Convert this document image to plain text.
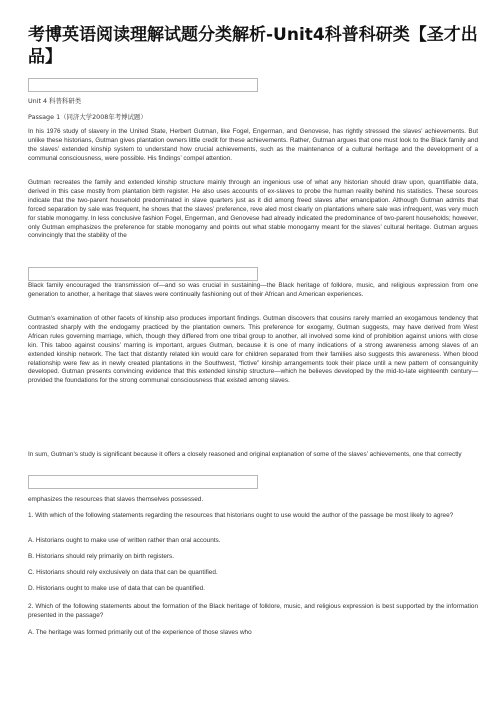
考博英语阅读理解试题分类解析-Unit4科普科研类【圣才出品】
Unit 4 科普科研类
Passage 1（同济大学2008年考博试题）
In his 1976 study of slavery in the United State, Herbert Gutman, like Fogel, Engerman, and Genovese, has rightly stressed the slaves’ achievements. But unlike these historians, Gutman gives plantation owners little credit for these achievements. Rather, Gutman argues that one must look to the Black family and the slaves’ extended kinship system to understand how crucial achievements, such as the maintenance of a cultural heritage and the development of a communal consciousness, were possible. His findings’ compel attention.
Gutman recreates the family and extended kinship structure mainly through an ingenious use of what any historian should draw upon, quantifiable data, derived in this case mostly from plantation birth register. He also uses accounts of ex-slaves to probe the human reality behind his statistics. These sources indicate that the two-parent household predominated in slave quarters just as it did among freed slaves after emancipation. Although Gutman admits that forced separation by sale was frequent, he shows that the slaves’ preference, reve aled most clearly on plantations where sale was infrequent, was very much for stable monogamy. In less conclusive fashion Fogel, Engerman, and Genovese had already indicated the predominance of two-parent households; however, only Gutman emphasizes the preference for stable monogamy and points out what stable monogamy meant for the slaves’ cultural heritage. Gutman argues convincingly that the stability of the
Black family encouraged the transmission of—and so was crucial in sustaining—the Black heritage of folklore, music, and religious expression from one generation to another, a heritage that slaves were continually fashioning out of their African and American experiences.
Gutman’s examination of other facets of kinship also produces important findings. Gutman discovers that cousins rarely married an exogamous tendency that contrasted sharply with the endogamy practiced by the plantation owners. This preference for exogamy, Gutman suggests, may have derived from West African rules governing marriage, which, though they differed from one tribal group to another, all involved some kind of prohibition against unions with close kin. This taboo against cousins’ marring is important, argues Gutman, because it is one of many indications of a strong awareness among slaves of an extended kinship network. The fact that distantly related kin would care for children separated from their families also suggests this awareness. When blood relationship were few as in newly created plantations in the Southwest, “fictive” kinship arrangements took their place until a new pattern of consanguinity developed. Gutman presents convincing evidence that this extended kinship structure—which he believes developed by the mid-to-late eighteenth century—provided the foundations for the strong communal consciousness that existed among slaves.
In sum, Gutman’s study is significant because it offers a closely reasoned and original explanation of some of the slaves’ achievements, one that correctly
emphasizes the resources that slaves themselves possessed.
1. With which of the following statements regarding the resources that historians ought to use would the author of the passage be most likely to agree?
A. Historians ought to make use of written rather than oral accounts.
B. Historians should rely primarily on birth registers.
C. Historians should rely exclusively on data that can be quantified.
D. Historians ought to make use of data that can be quantified.
2. Which of the following statements about the formation of the Black heritage of folklore, music, and religious expression is best supported by the information presented in the passage?
A. The heritage was formed primarily out of the experience of those slaves who
